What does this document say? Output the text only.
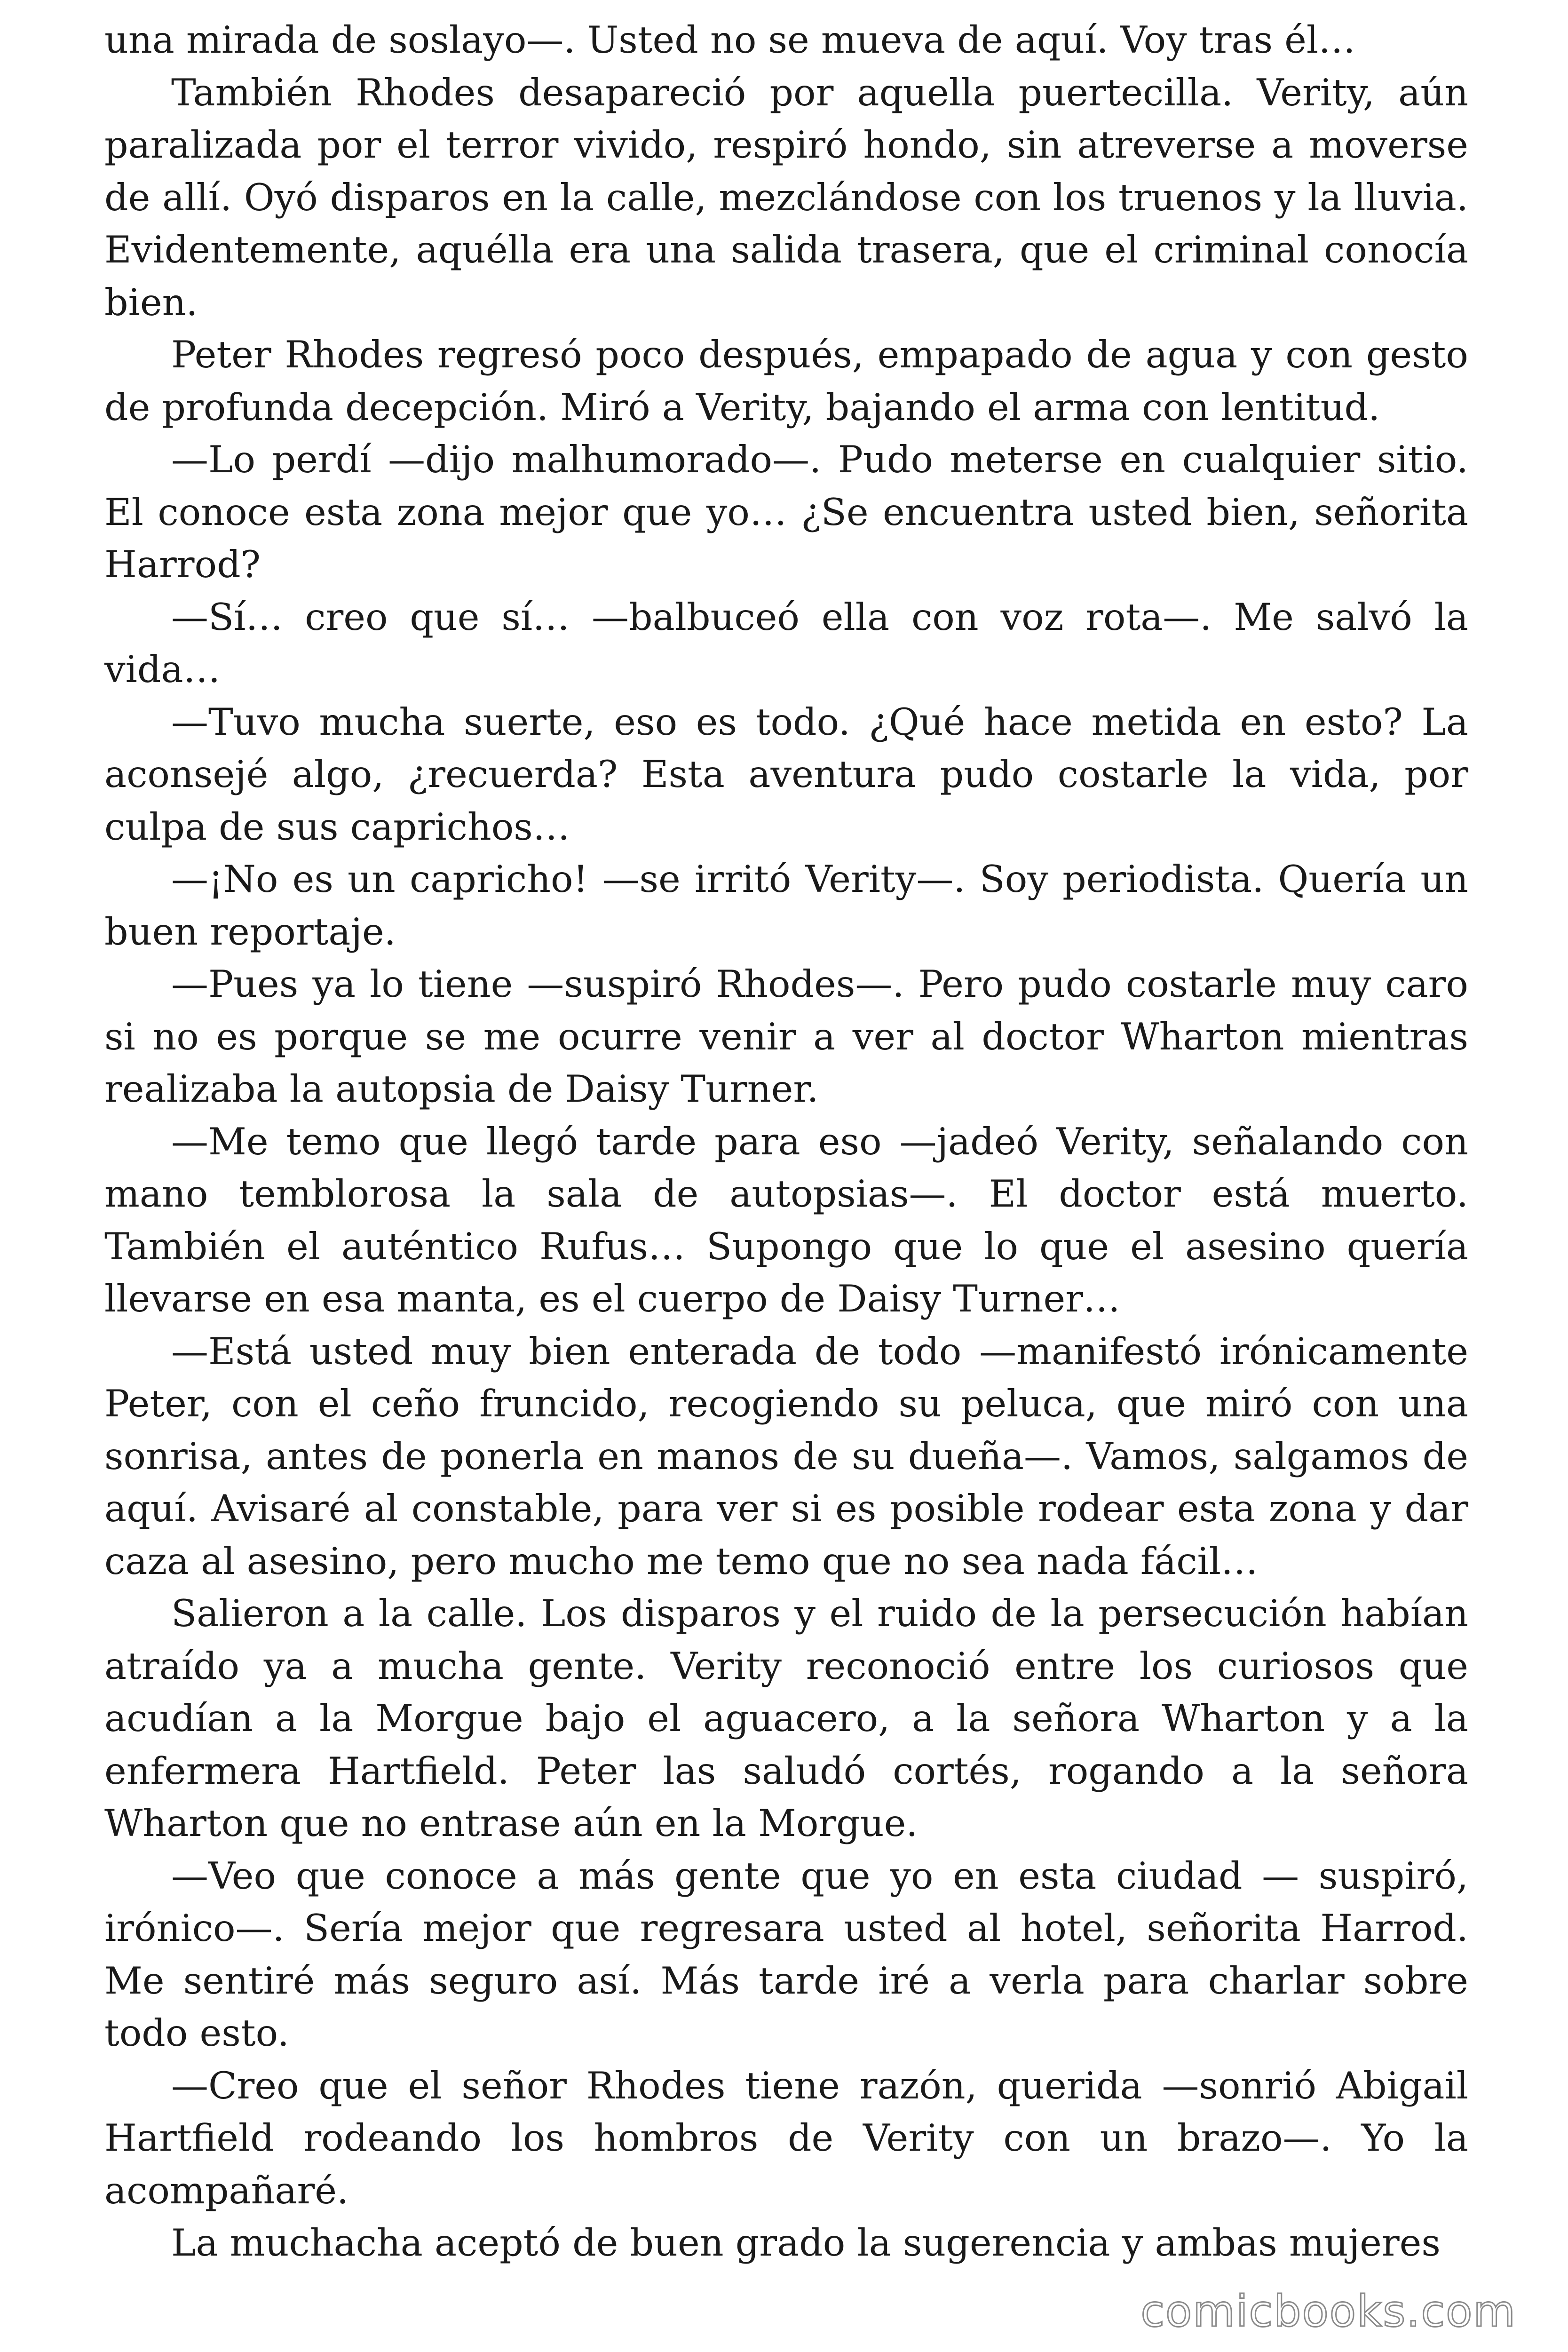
una mirada de soslayo—. Usted no se mueva de aquí. Voy tras él…

También Rhodes desapareció por aquella puertecilla. Verity, aún paralizada por el terror vivido, respiró hondo, sin atreverse a moverse de allí. Oyó disparos en la calle, mezclándose con los truenos y la lluvia. Evidentemente, aquélla era una salida trasera, que el criminal conocía bien.

Peter Rhodes regresó poco después, empapado de agua y con gesto de profunda decepción. Miró a Verity, bajando el arma con lentitud.

—Lo perdí —dijo malhumorado—. Pudo meterse en cualquier sitio. El conoce esta zona mejor que yo… ¿Se encuentra usted bien, señorita Harrod?

—Sí… creo que sí… —balbuceó ella con voz rota—. Me salvó la vida…

—Tuvo mucha suerte, eso es todo. ¿Qué hace metida en esto? La aconsejé algo, ¿recuerda? Esta aventura pudo costarle la vida, por culpa de sus caprichos…

—¡No es un capricho! —se irritó Verity—. Soy periodista. Quería un buen reportaje.

—Pues ya lo tiene —suspiró Rhodes—. Pero pudo costarle muy caro si no es porque se me ocurre venir a ver al doctor Wharton mientras realizaba la autopsia de Daisy Turner.

—Me temo que llegó tarde para eso —jadeó Verity, señalando con mano temblorosa la sala de autopsias—. El doctor está muerto. También el auténtico Rufus… Supongo que lo que el asesino quería llevarse en esa manta, es el cuerpo de Daisy Turner…

—Está usted muy bien enterada de todo —manifestó irónicamente Peter, con el ceño fruncido, recogiendo su peluca, que miró con una sonrisa, antes de ponerla en manos de su dueña—. Vamos, salgamos de aquí. Avisaré al constable, para ver si es posible rodear esta zona y dar caza al asesino, pero mucho me temo que no sea nada fácil…

Salieron a la calle. Los disparos y el ruido de la persecución habían atraído ya a mucha gente. Verity reconoció entre los curiosos que acudían a la Morgue bajo el aguacero, a la señora Wharton y a la enfermera Hartfield. Peter las saludó cortés, rogando a la señora Wharton que no entrase aún en la Morgue.

—Veo que conoce a más gente que yo en esta ciudad — suspiró, irónico—. Sería mejor que regresara usted al hotel, señorita Harrod. Me sentiré más seguro así. Más tarde iré a verla para charlar sobre todo esto.

—Creo que el señor Rhodes tiene razón, querida —sonrió Abigail Hartfield rodeando los hombros de Verity con un brazo—. Yo la acompañaré.

La muchacha aceptó de buen grado la sugerencia y ambas mujeres

comicbooks.com
